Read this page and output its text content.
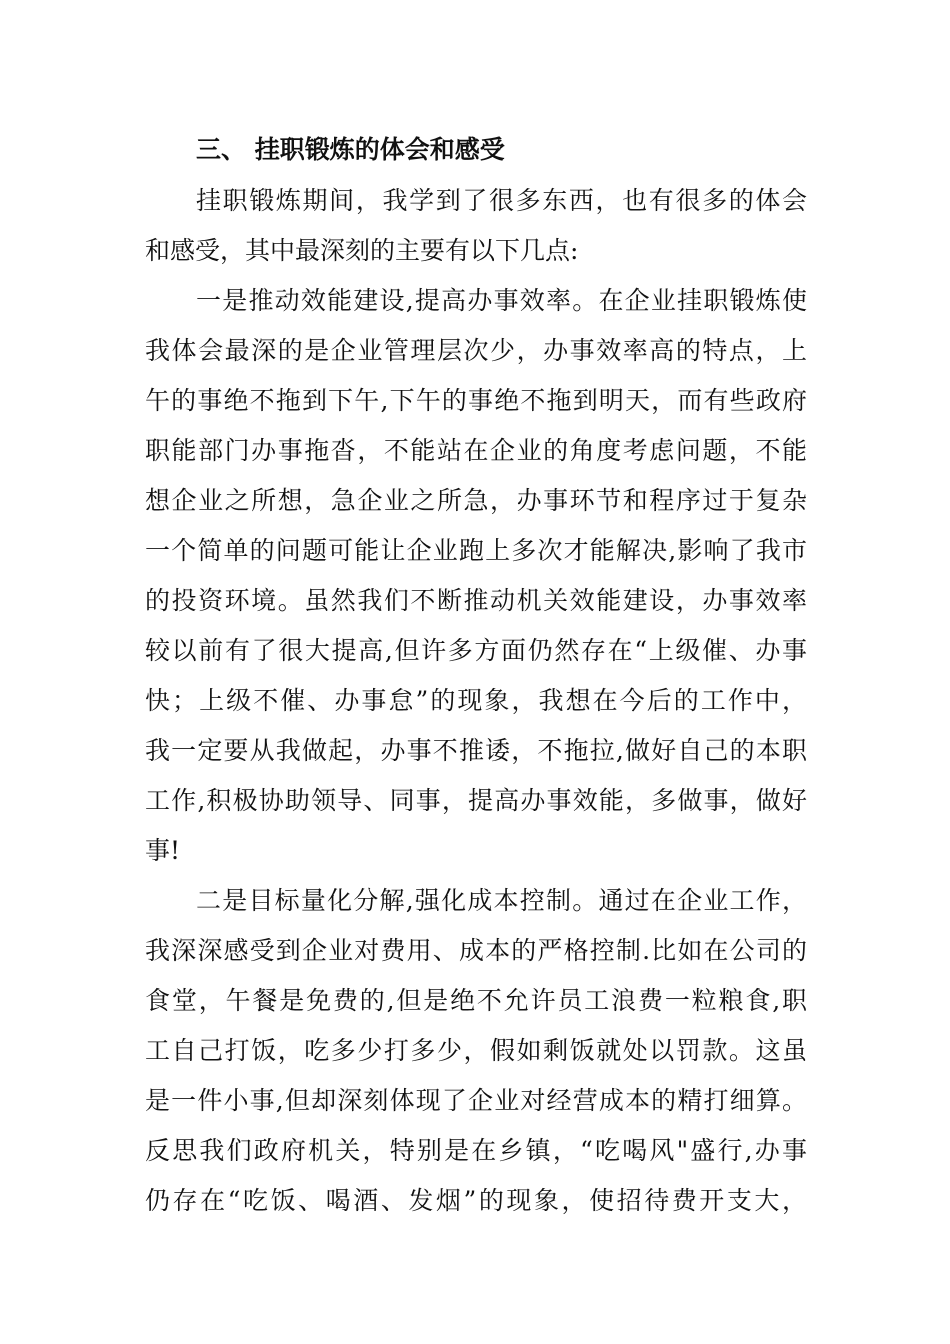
三、 挂职锻炼的体会和感受
挂职锻炼期间，我学到了很多东西，也有很多的体会
和感受，其中最深刻的主要有以下几点:
一是推动效能建设,提高办事效率。在企业挂职锻炼使
我体会最深的是企业管理层次少，办事效率高的特点，上
午的事绝不拖到下午,下午的事绝不拖到明天，而有些政府
职能部门办事拖沓，不能站在企业的角度考虑问题，不能
想企业之所想，急企业之所急，办事环节和程序过于复杂
一个简单的问题可能让企业跑上多次才能解决,影响了我市
的投资环境。虽然我们不断推动机关效能建设，办事效率
较以前有了很大提高,但许多方面仍然存在“上级催、办事
快；上级不催、办事怠”的现象，我想在今后的工作中，
我一定要从我做起，办事不推诿，不拖拉,做好自己的本职
工作,积极协助领导、同事，提高办事效能，多做事，做好
事!
二是目标量化分解,强化成本控制。通过在企业工作，
我深深感受到企业对费用、成本的严格控制.比如在公司的
食堂，午餐是免费的,但是绝不允许员工浪费一粒粮食,职
工自己打饭，吃多少打多少，假如剩饭就处以罚款。这虽
是一件小事,但却深刻体现了企业对经营成本的精打细算。
反思我们政府机关，特别是在乡镇，“吃喝风"盛行,办事
仍存在“吃饭、喝酒、发烟”的现象，使招待费开支大，
